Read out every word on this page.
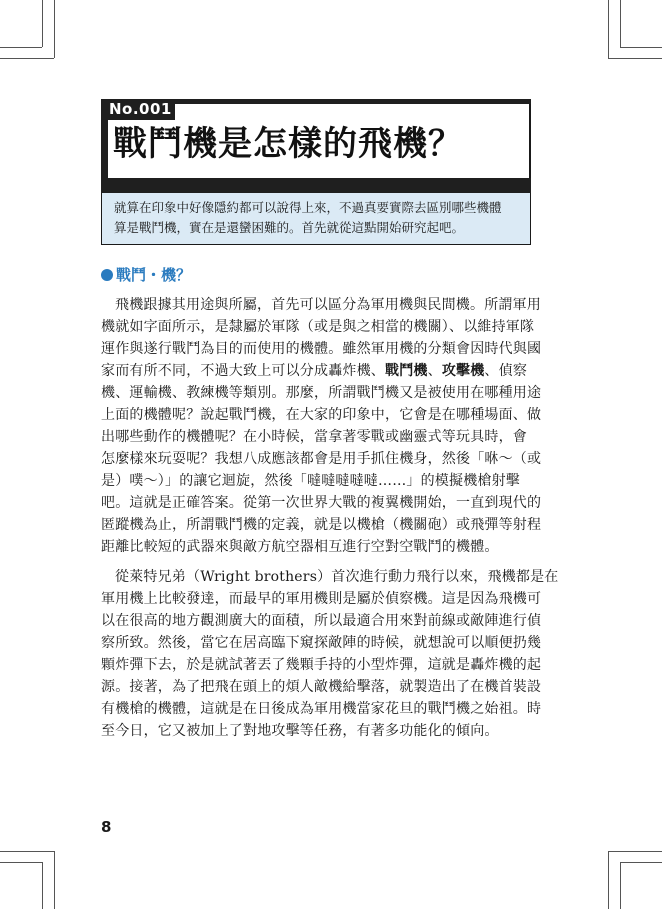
No.001
戰鬥機是怎樣的飛機？
就算在印象中好像隱約都可以說得上來，不過真要實際去區別哪些機體
算是戰鬥機，實在是還蠻困難的。首先就從這點開始研究起吧。
戰鬥・機？
飛機跟據其用途與所屬，首先可以區分為軍用機與民間機。所謂軍用
機就如字面所示，是隸屬於軍隊（或是與之相當的機關）、以維持軍隊
運作與遂行戰鬥為目的而使用的機體。雖然軍用機的分類會因時代與國
家而有所不同，不過大致上可以分成轟炸機、戰鬥機、攻擊機、偵察
機、運輸機、教練機等類別。那麼，所謂戰鬥機又是被使用在哪種用途
上面的機體呢？說起戰鬥機，在大家的印象中，它會是在哪種場面、做
出哪些動作的機體呢？在小時候，當拿著零戰或幽靈式等玩具時，會
怎麼樣來玩耍呢？我想八成應該都會是用手抓住機身，然後「咻〜（或
是）噗〜）」的讓它迴旋，然後「噠噠噠噠噠……」的模擬機槍射擊
吧。這就是正確答案。從第一次世界大戰的複翼機開始，一直到現代的
匿蹤機為止，所謂戰鬥機的定義，就是以機槍（機關砲）或飛彈等射程
距離比較短的武器來與敵方航空器相互進行空對空戰鬥的機體。
從萊特兄弟（Wright brothers）首次進行動力飛行以來，飛機都是在
軍用機上比較發達，而最早的軍用機則是屬於偵察機。這是因為飛機可
以在很高的地方觀測廣大的面積，所以最適合用來對前線或敵陣進行偵
察所致。然後，當它在居高臨下窺探敵陣的時候，就想說可以順便扔幾
顆炸彈下去，於是就試著丟了幾顆手持的小型炸彈，這就是轟炸機的起
源。接著，為了把飛在頭上的煩人敵機給擊落，就製造出了在機首裝設
有機槍的機體，這就是在日後成為軍用機當家花旦的戰鬥機之始祖。時
至今日，它又被加上了對地攻擊等任務，有著多功能化的傾向。
8
